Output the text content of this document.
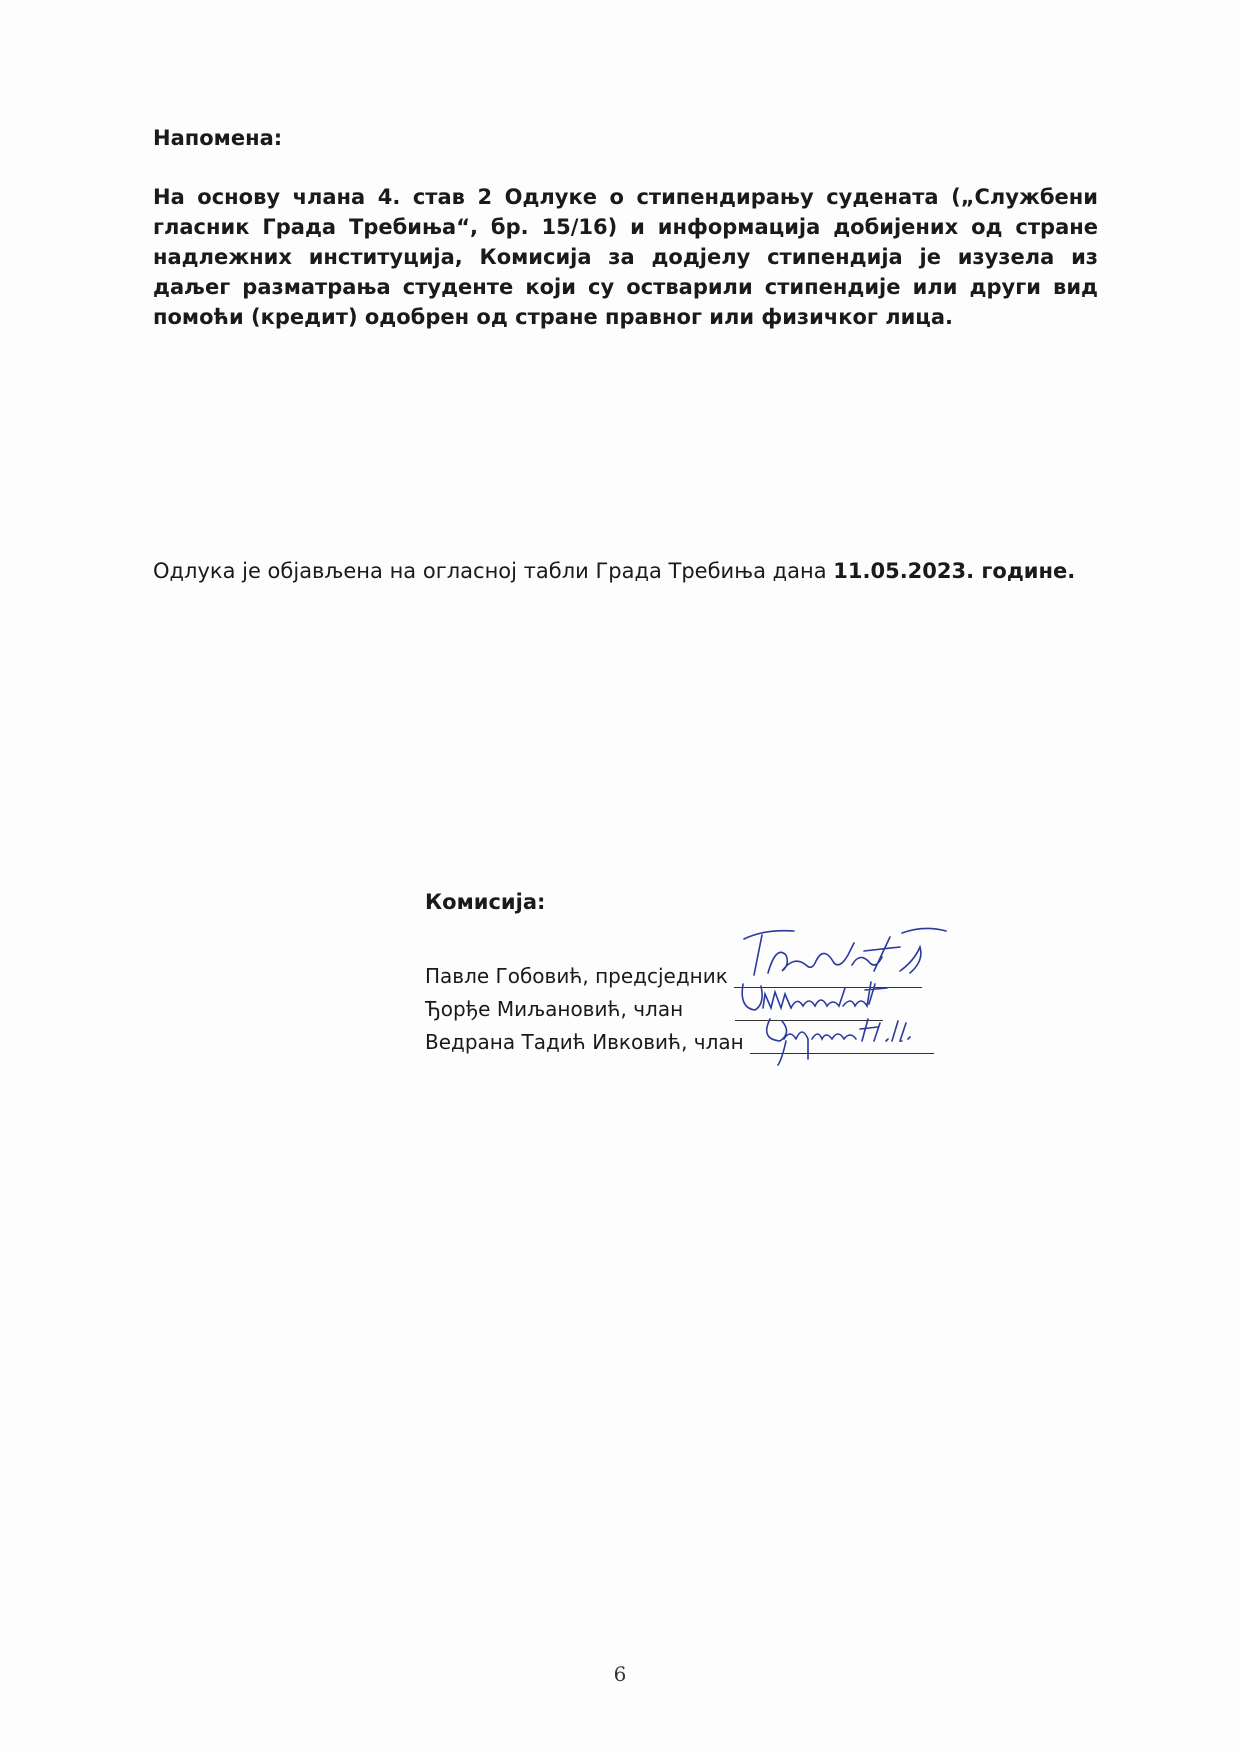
Напомена:
На основу члана 4. став 2 Одлуке о стипендирању судената („Службени гласник Града Требиња“, бр. 15/16) и информација добијених од стране надлежних институција, Комисија за додјелу стипендија је изузела из даљег разматрања студенте који су остварили стипендије или други вид помоћи (кредит) одобрен од стране правног или физичког лица.
Одлука је објављена на огласној табли Града Требиња дана 11.05.2023. године.
Комисија:
Павле Гобовић, предсједник
Ђорђе Миљановић, члан
Ведрана Тадић Ивковић, члан
6
